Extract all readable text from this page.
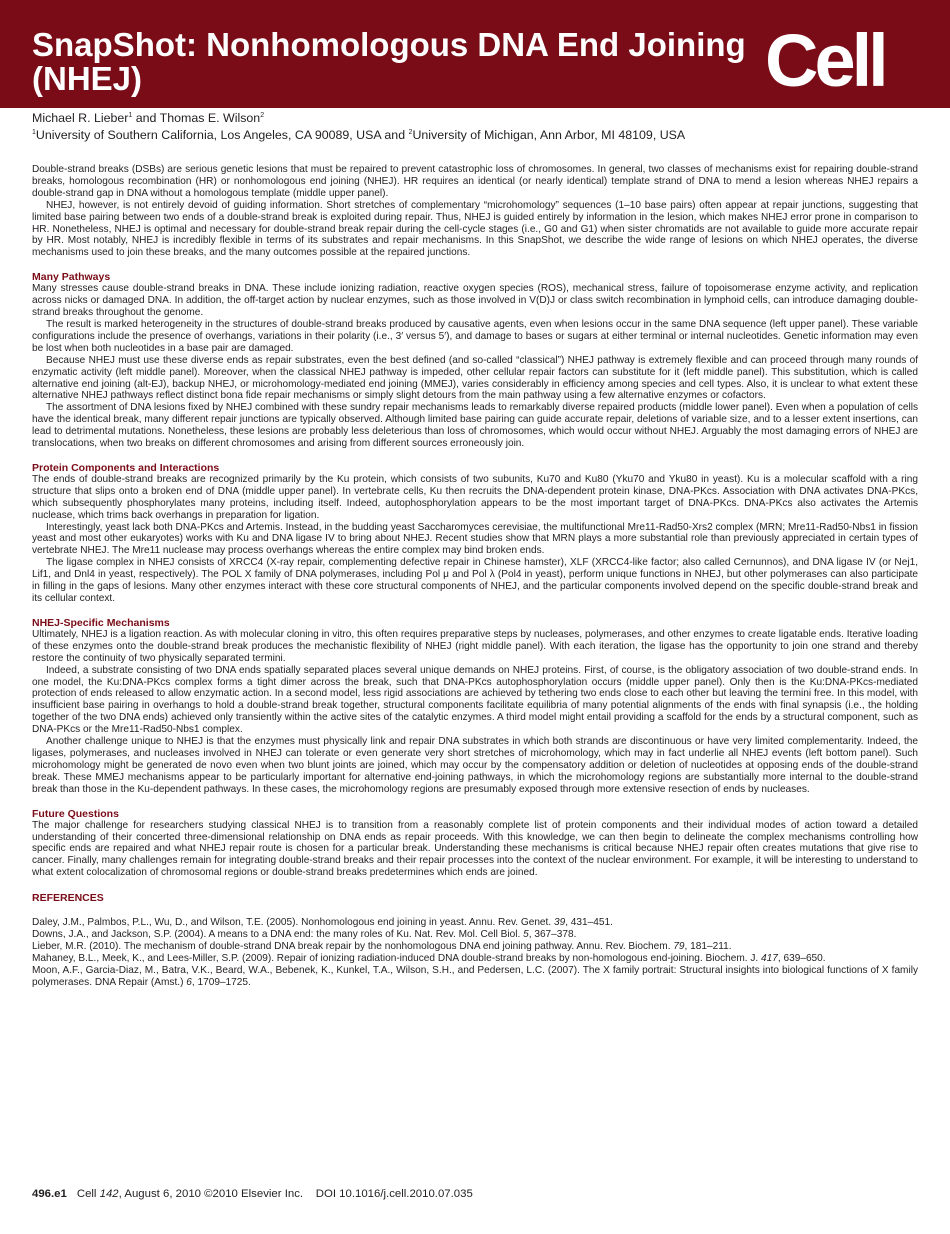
SnapShot: Nonhomologous DNA End Joining (NHEJ)	Cell
Michael R. Lieber$^1$ and Thomas E. Wilson$^2$
$^1$University of Southern California, Los Angeles, CA 90089, USA and $^2$University of Michigan, Ann Arbor, MI 48109, USA

Double-strand breaks (DSBs) are serious genetic lesions that must be repaired to prevent catastrophic loss of chromosomes. In general, two classes of mechanisms exist for repairing double-strand breaks, homologous recombination (HR) or nonhomologous end joining (NHEJ). HR requires an identical (or nearly identical) template strand of DNA to mend a lesion whereas NHEJ repairs a double-strand gap in DNA without a homologous template (middle upper panel).

NHEJ, however, is not entirely devoid of guiding information. Short stretches of complementary “microhomology” sequences (1–10 base pairs) often appear at repair junctions, suggesting that limited base pairing between two ends of a double-strand break is exploited during repair. Thus, NHEJ is guided entirely by information in the lesion, which makes NHEJ error prone in comparison to HR. Nonetheless, NHEJ is optimal and necessary for double-strand break repair during the cell-cycle stages (i.e., G0 and G1) when sister chromatids are not available to guide more accurate repair by HR. Most notably, NHEJ is incredibly flexible in terms of its substrates and repair mechanisms. In this SnapShot, we describe the wide range of lesions on which NHEJ operates, the diverse mechanisms used to join these breaks, and the many outcomes possible at the repaired junctions.

Many Pathways

Many stresses cause double-strand breaks in DNA. These include ionizing radiation, reactive oxygen species (ROS), mechanical stress, failure of topoisomerase enzyme activity, and replication across nicks or damaged DNA. In addition, the off-target action by nuclear enzymes, such as those involved in V(D)J or class switch recombination in lymphoid cells, can introduce damaging double-strand breaks throughout the genome.

The result is marked heterogeneity in the structures of double-strand breaks produced by causative agents, even when lesions occur in the same DNA sequence (left upper panel). These variable configurations include the presence of overhangs, variations in their polarity (i.e., 3′ versus 5′), and damage to bases or sugars at either terminal or internal nucleotides. Genetic information may even be lost when both nucleotides in a base pair are damaged.

Because NHEJ must use these diverse ends as repair substrates, even the best defined (and so-called “classical”) NHEJ pathway is extremely flexible and can proceed through many rounds of enzymatic activity (left middle panel). Moreover, when the classical NHEJ pathway is impeded, other cellular repair factors can substitute for it (left middle panel). This substitution, which is called alternative end joining (alt-EJ), backup NHEJ, or microhomology-mediated end joining (MMEJ), varies considerably in efficiency among species and cell types. Also, it is unclear to what extent these alternative NHEJ pathways reflect distinct bona fide repair mechanisms or simply slight detours from the main pathway using a few alternative enzymes or cofactors.

The assortment of DNA lesions fixed by NHEJ combined with these sundry repair mechanisms leads to remarkably diverse repaired products (middle lower panel). Even when a population of cells have the identical break, many different repair junctions are typically observed. Although limited base pairing can guide accurate repair, deletions of variable size, and to a lesser extent insertions, can lead to detrimental mutations. Nonetheless, these lesions are probably less deleterious than loss of chromosomes, which would occur without NHEJ. Arguably the most damaging errors of NHEJ are translocations, when two breaks on different chromosomes and arising from different sources erroneously join.

Protein Components and Interactions

The ends of double-strand breaks are recognized primarily by the Ku protein, which consists of two subunits, Ku70 and Ku80 (Yku70 and Yku80 in yeast). Ku is a molecular scaffold with a ring structure that slips onto a broken end of DNA (middle upper panel). In vertebrate cells, Ku then recruits the DNA-dependent protein kinase, DNA-PKcs. Association with DNA activates DNA-PKcs, which subsequently phosphorylates many proteins, including itself. Indeed, autophosphorylation appears to be the most important target of DNA-PKcs. DNA-PKcs also activates the Artemis nuclease, which trims back overhangs in preparation for ligation.

Interestingly, yeast lack both DNA-PKcs and Artemis. Instead, in the budding yeast Saccharomyces cerevisiae, the multifunctional Mre11-Rad50-Xrs2 complex (MRN; Mre11-Rad50-Nbs1 in fission yeast and most other eukaryotes) works with Ku and DNA ligase IV to bring about NHEJ. Recent studies show that MRN plays a more substantial role than previously appreciated in certain types of vertebrate NHEJ. The Mre11 nuclease may process overhangs whereas the entire complex may bind broken ends.

The ligase complex in NHEJ consists of XRCC4 (X-ray repair, complementing defective repair in Chinese hamster), XLF (XRCC4-like factor; also called Cernunnos), and DNA ligase IV (or Nej1, Lif1, and Dnl4 in yeast, respectively). The POL X family of DNA polymerases, including Pol μ and Pol λ (Pol4 in yeast), perform unique functions in NHEJ, but other polymerases can also participate in filling in the gaps of lesions. Many other enzymes interact with these core structural components of NHEJ, and the particular components involved depend on the specific double-strand break and its cellular context.

NHEJ-Specific Mechanisms

Ultimately, NHEJ is a ligation reaction. As with molecular cloning in vitro, this often requires preparative steps by nucleases, polymerases, and other enzymes to create ligatable ends. Iterative loading of these enzymes onto the double-strand break produces the mechanistic flexibility of NHEJ (right middle panel). With each iteration, the ligase has the opportunity to join one strand and thereby restore the continuity of two physically separated termini.

Indeed, a substrate consisting of two DNA ends spatially separated places several unique demands on NHEJ proteins. First, of course, is the obligatory association of two double-strand ends. In one model, the Ku:DNA-PKcs complex forms a tight dimer across the break, such that DNA-PKcs autophosphorylation occurs (middle upper panel). Only then is the Ku:DNA-PKcs-mediated protection of ends released to allow enzymatic action. In a second model, less rigid associations are achieved by tethering two ends close to each other but leaving the termini free. In this model, with insufficient base pairing in overhangs to hold a double-strand break together, structural components facilitate equilibria of many potential alignments of the ends with final synapsis (i.e., the holding together of the two DNA ends) achieved only transiently within the active sites of the catalytic enzymes. A third model might entail providing a scaffold for the ends by a structural component, such as DNA-PKcs or the Mre11-Rad50-Nbs1 complex.

Another challenge unique to NHEJ is that the enzymes must physically link and repair DNA substrates in which both strands are discontinuous or have very limited complementarity. Indeed, the ligases, polymerases, and nucleases involved in NHEJ can tolerate or even generate very short stretches of microhomology, which may in fact underlie all NHEJ events (left bottom panel). Such microhomology might be generated de novo even when two blunt joints are joined, which may occur by the compensatory addition or deletion of nucleotides at opposing ends of the double-strand break. These MMEJ mechanisms appear to be particularly important for alternative end-joining pathways, in which the microhomology regions are substantially more internal to the double-strand break than those in the Ku-dependent pathways. In these cases, the microhomology regions are presumably exposed through more extensive resection of ends by nucleases.

Future Questions

The major challenge for researchers studying classical NHEJ is to transition from a reasonably complete list of protein components and their individual modes of action toward a detailed understanding of their concerted three-dimensional relationship on DNA ends as repair proceeds. With this knowledge, we can then begin to delineate the complex mechanisms controlling how specific ends are repaired and what NHEJ repair route is chosen for a particular break. Understanding these mechanisms is critical because NHEJ repair often creates mutations that give rise to cancer. Finally, many challenges remain for integrating double-strand breaks and their repair processes into the context of the nuclear environment. For example, it will be interesting to understand to what extent colocalization of chromosomal regions or double-strand breaks predetermines which ends are joined.

REFERENCES

Daley, J.M., Palmbos, P.L., Wu, D., and Wilson, T.E. (2005). Nonhomologous end joining in yeast. Annu. Rev. Genet. 39, 431–451.

Downs, J.A., and Jackson, S.P. (2004). A means to a DNA end: the many roles of Ku. Nat. Rev. Mol. Cell Biol. 5, 367–378.

Lieber, M.R. (2010). The mechanism of double-strand DNA break repair by the nonhomologous DNA end joining pathway. Annu. Rev. Biochem. 79, 181–211.

Mahaney, B.L., Meek, K., and Lees-Miller, S.P. (2009). Repair of ionizing radiation-induced DNA double-strand breaks by non-homologous end-joining. Biochem. J. 417, 639–650.

Moon, A.F., Garcia-Diaz, M., Batra, V.K., Beard, W.A., Bebenek, K., Kunkel, T.A., Wilson, S.H., and Pedersen, L.C. (2007). The X family portrait: Structural insights into biological functions of X family polymerases. DNA Repair (Amst.) 6, 1709–1725.

496.e1 Cell 142, August 6, 2010 ©2010 Elsevier Inc.    DOI 10.1016/j.cell.2010.07.035
